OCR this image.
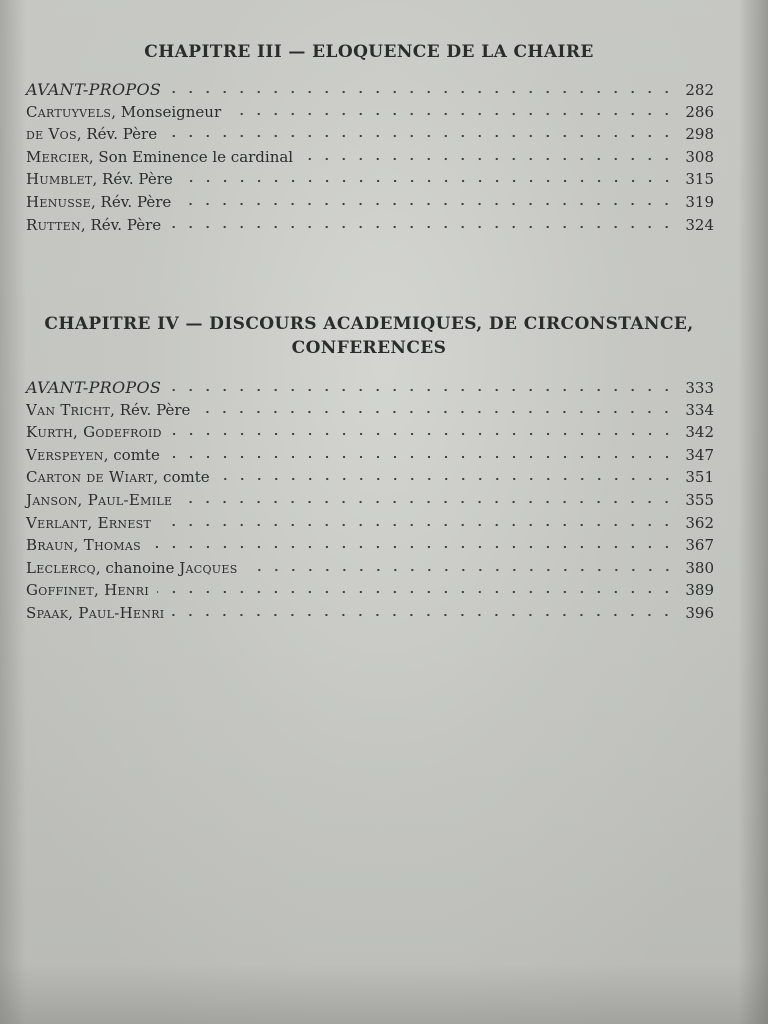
CHAPITRE III — ELOQUENCE DE LA CHAIRE
AVANT-PROPOS	282
Cartuyvels, Monseigneur	286
de Vos, Rév. Père	298
Mercier, Son Eminence le cardinal	308
Humblet, Rév. Père	315
Henusse, Rév. Père	319
Rutten, Rév. Père	324
CHAPITRE IV — DISCOURS ACADEMIQUES, DE CIRCONSTANCE,
CONFERENCES
AVANT-PROPOS	333
Van Tricht, Rév. Père	334
Kurth, Godefroid	342
Verspeyen, comte	347
Carton de Wiart, comte	351
Janson, Paul-Emile	355
Verlant, Ernest	362
Braun, Thomas	367
Leclercq, chanoine Jacques	380
Goffinet, Henri	389
Spaak, Paul-Henri	396
